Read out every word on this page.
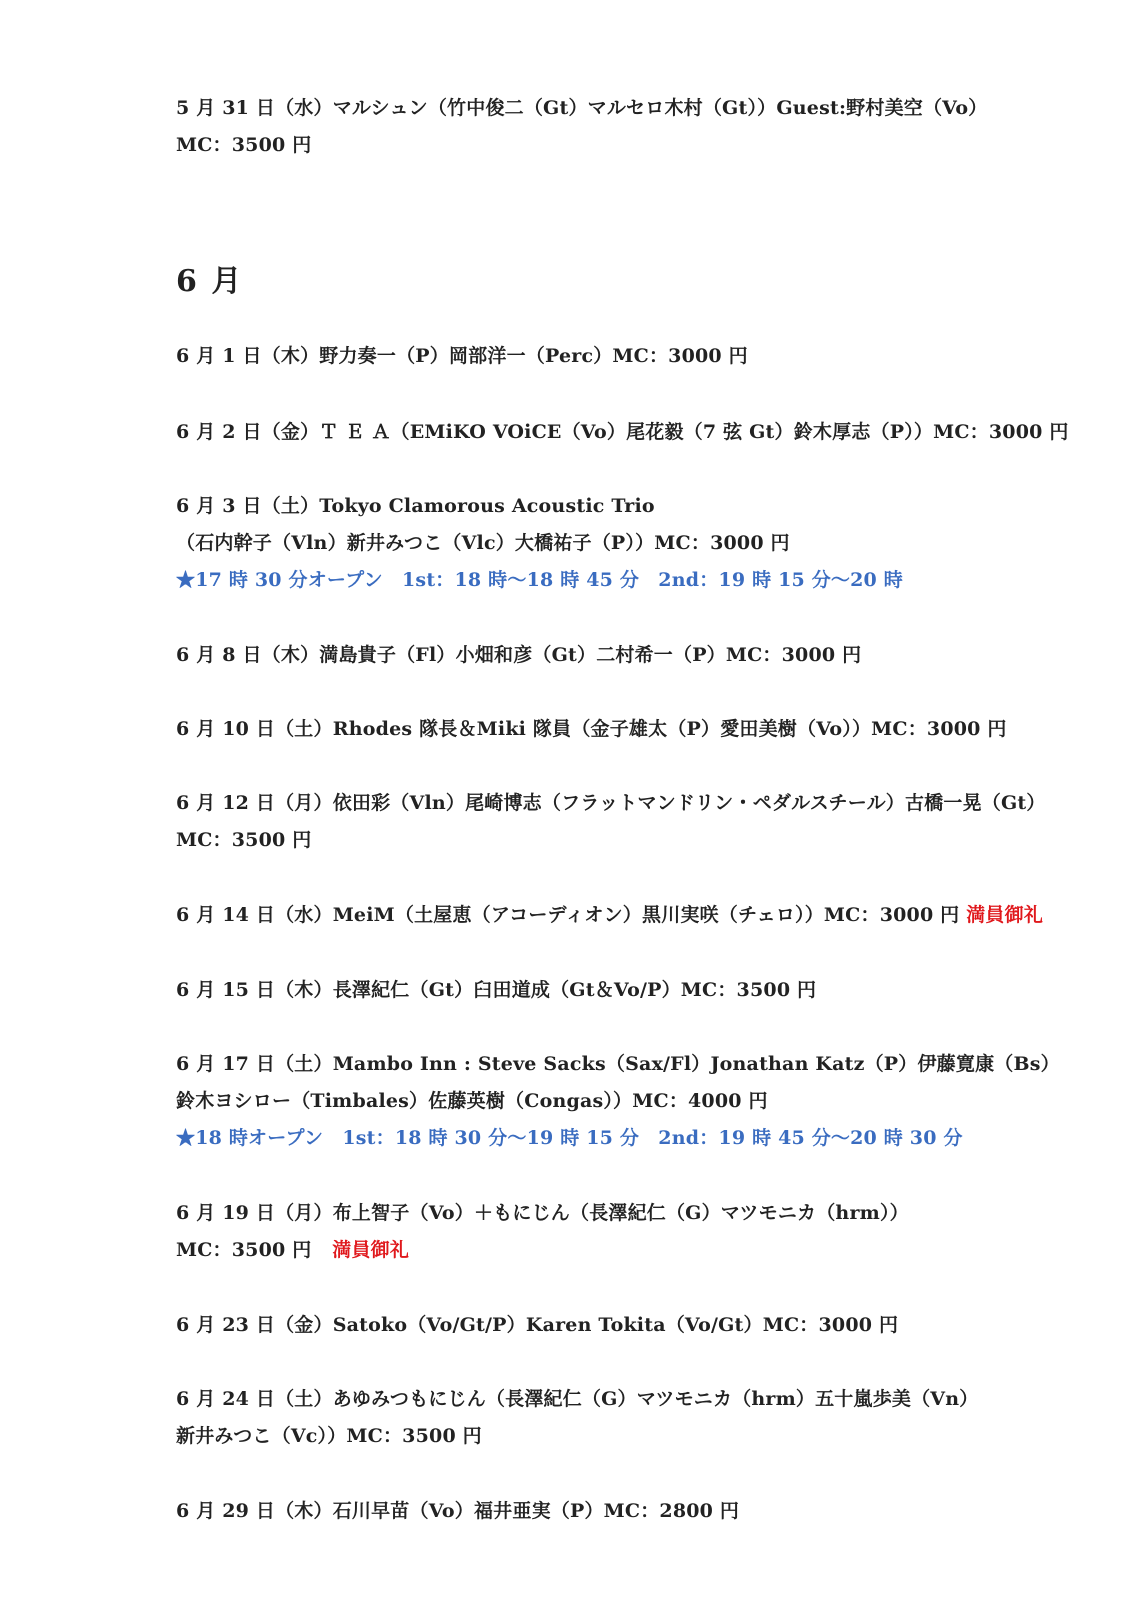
5 月 31 日（水）マルシュン（竹中俊二（Gt）マルセロ木村（Gt））Guest:野村美空（Vo）
MC：3500 円
6 月
6 月 1 日（木）野力奏一（P）岡部洋一（Perc）MC：3000 円
6 月 2 日（金）Ｔ Ｅ Ａ（EMiKO VOiCE（Vo）尾花毅（7 弦 Gt）鈴木厚志（P））MC：3000 円
6 月 3 日（土）Tokyo Clamorous Acoustic Trio
（石内幹子（Vln）新井みつこ（Vlc）大橋祐子（P））MC：3000 円
★17 時 30 分オープン　1st：18 時〜18 時 45 分　2nd：19 時 15 分〜20 時
6 月 8 日（木）満島貴子（Fl）小畑和彦（Gt）二村希一（P）MC：3000 円
6 月 10 日（土）Rhodes 隊長＆Miki 隊員（金子雄太（P）愛田美樹（Vo））MC：3000 円
6 月 12 日（月）依田彩（Vln）尾崎博志（フラットマンドリン・ペダルスチール）古橋一晃（Gt）
MC：3500 円
6 月 14 日（水）MeiM（土屋恵（アコーディオン）黒川実咲（チェロ））MC：3000 円 満員御礼
6 月 15 日（木）長澤紀仁（Gt）臼田道成（Gt＆Vo/P）MC：3500 円
6 月 17 日（土）Mambo Inn : Steve Sacks（Sax/Fl）Jonathan Katz（P）伊藤寛康（Bs）
鈴木ヨシロー（Timbales）佐藤英樹（Congas））MC：4000 円
★18 時オープン　1st：18 時 30 分〜19 時 15 分　2nd：19 時 45 分〜20 時 30 分
6 月 19 日（月）布上智子（Vo）＋もにじん（長澤紀仁（G）マツモニカ（hrm））
MC：3500 円 満員御礼
6 月 23 日（金）Satoko（Vo/Gt/P）Karen Tokita（Vo/Gt）MC：3000 円
6 月 24 日（土）あゆみつもにじん（長澤紀仁（G）マツモニカ（hrm）五十嵐歩美（Vn）
新井みつこ（Vc））MC：3500 円
6 月 29 日（木）石川早苗（Vo）福井亜実（P）MC：2800 円
